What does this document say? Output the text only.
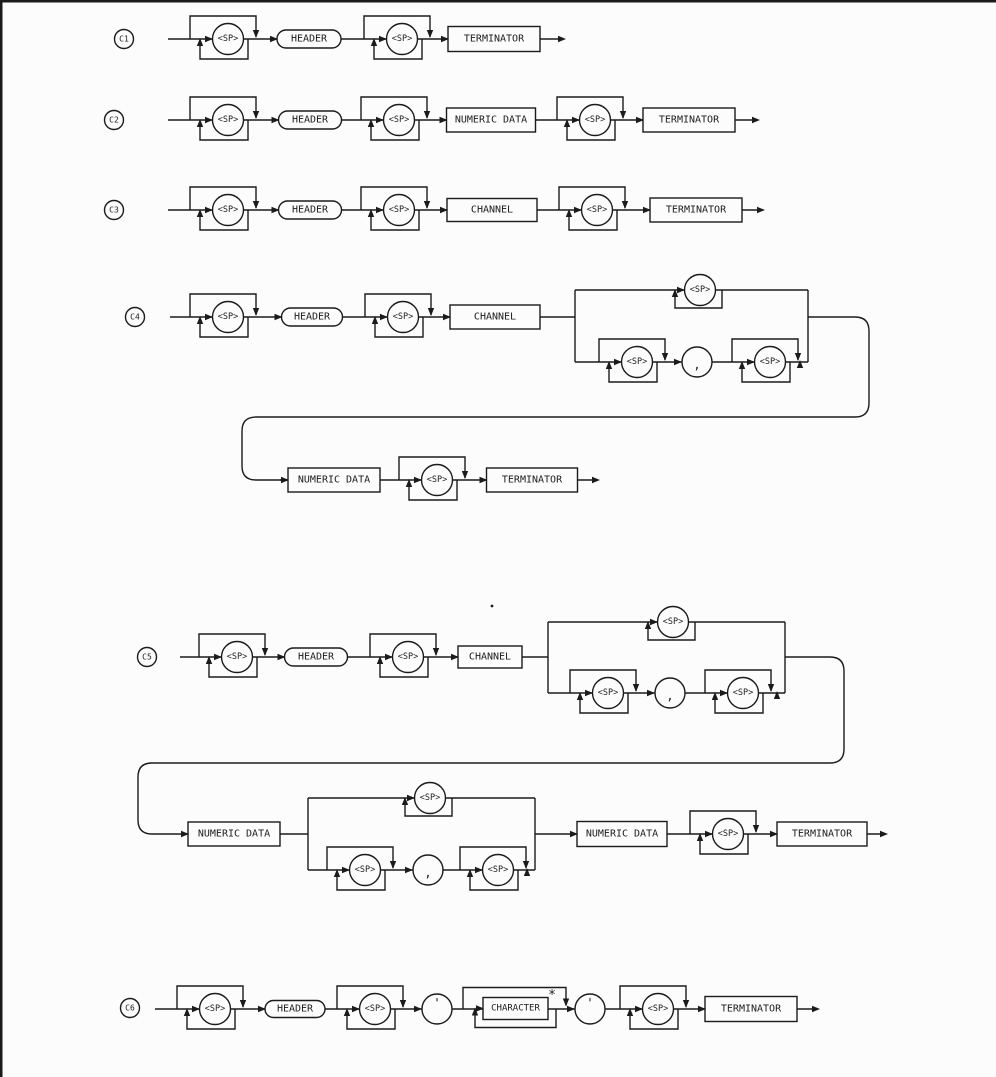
C1	<SP>	HEADER	<SP>	TERMINATOR
C2	<SP>	HEADER	<SP>	NUMERIC DATA	<SP>	TERMINATOR
C3	<SP>	HEADER	<SP>	CHANNEL	<SP>	TERMINATOR
C4	<SP>	HEADER	<SP>	CHANNEL
<SP>
<SP>	,	<SP>
NUMERIC DATA	<SP>	TERMINATOR
C5	<SP>	HEADER	<SP>	CHANNEL
<SP>
<SP>	,	<SP>
NUMERIC DATA
<SP>
<SP>	,	<SP>
NUMERIC DATA	<SP>	TERMINATOR
C6	<SP>	HEADER	<SP>	'	CHARACTER
*	'	<SP>	TERMINATOR
